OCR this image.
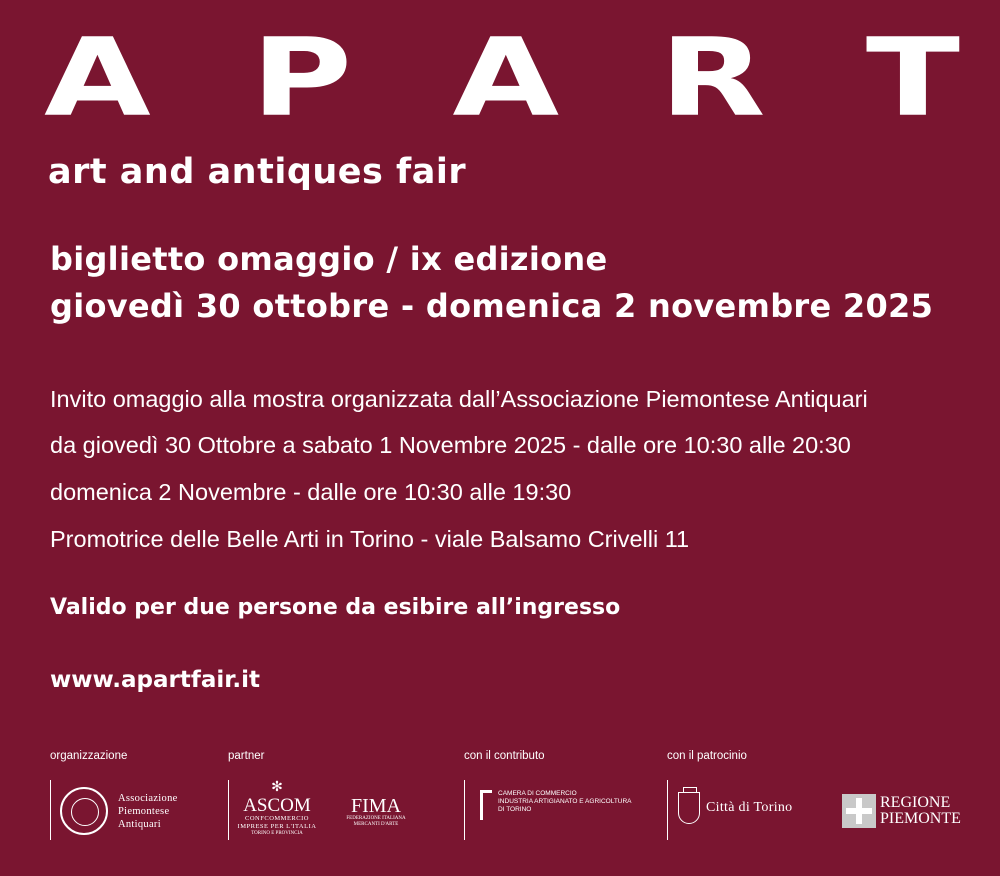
A P A R T
art and antiques fair
biglietto omaggio / ix edizione
giovedì 30 ottobre - domenica 2 novembre 2025
Invito omaggio alla mostra organizzata dall’Associazione Piemontese Antiquari
da giovedì 30 Ottobre a sabato 1 Novembre 2025 - dalle ore 10:30 alle 20:30
domenica 2 Novembre - dalle ore 10:30 alle 19:30
Promotrice delle Belle Arti in Torino - viale Balsamo Crivelli 11
Valido per due persone da esibire all’ingresso
www.apartfair.it
organizzazione	partner	con il contributo	con il patrocinio
Associazione
Piemontese
Antiquari
✻
ASCOM
CONFCOMMERCIO
IMPRESE PER L'ITALIA
TORINO E PROVINCIA
FIMA
FEDERAZIONE ITALIANA MERCANTI D'ARTE
CAMERA DI COMMERCIO
INDUSTRIA ARTIGIANATO E AGRICOLTURA
DI TORINO	Città di Torino	REGIONE
PIEMONTE
